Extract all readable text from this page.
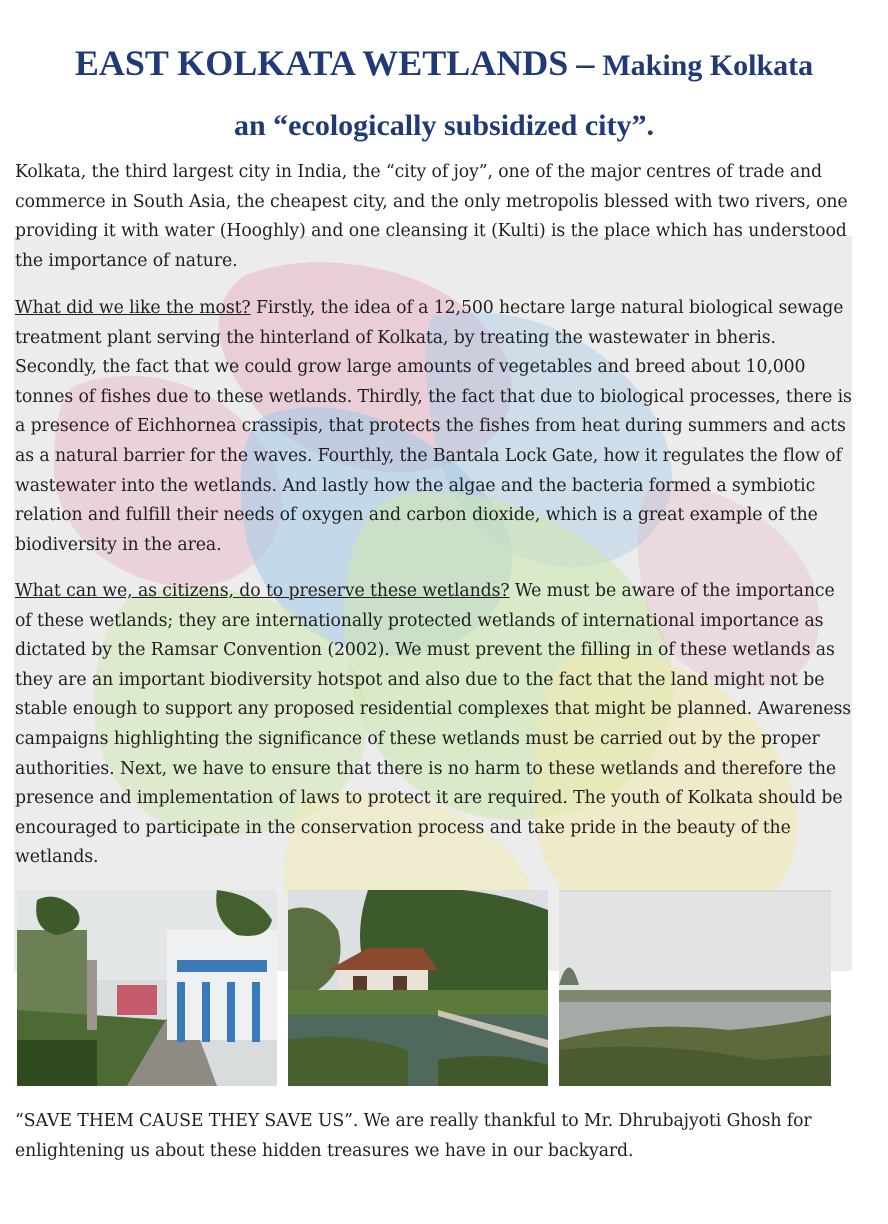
EAST KOLKATA WETLANDS – Making Kolkata
an “ecologically subsidized city”.

Kolkata, the third largest city in India, the “city of joy”, one of the major centres of trade and commerce in South Asia, the cheapest city, and the only metropolis blessed with two rivers, one providing it with water (Hooghly) and one cleansing it (Kulti) is the place which has understood the importance of nature.

What did we like the most? Firstly, the idea of a 12,500 hectare large natural biological sewage treatment plant serving the hinterland of Kolkata, by treating the wastewater in bheris. Secondly, the fact that we could grow large amounts of vegetables and breed about 10,000 tonnes of fishes due to these wetlands. Thirdly, the fact that due to biological processes, there is a presence of Eichhornea crassipis, that protects the fishes from heat during summers and acts as a natural barrier for the waves. Fourthly, the Bantala Lock Gate, how it regulates the flow of wastewater into the wetlands. And lastly how the algae and the bacteria formed a symbiotic relation and fulfill their needs of oxygen and carbon dioxide, which is a great example of the biodiversity in the area.

What can we, as citizens, do to preserve these wetlands? We must be aware of the importance of these wetlands; they are internationally protected wetlands of international importance as dictated by the Ramsar Convention (2002). We must prevent the filling in of these wetlands as they are an important biodiversity hotspot and also due to the fact that the land might not be stable enough to support any proposed residential complexes that might be planned. Awareness campaigns highlighting the significance of these wetlands must be carried out by the proper authorities. Next, we have to ensure that there is no harm to these wetlands and therefore the presence and implementation of laws to protect it are required. The youth of Kolkata should be encouraged to participate in the conservation process and take pride in the beauty of the wetlands.

“SAVE THEM CAUSE THEY SAVE US”. We are really thankful to Mr. Dhrubajyoti Ghosh for enlightening us about these hidden treasures we have in our backyard.
